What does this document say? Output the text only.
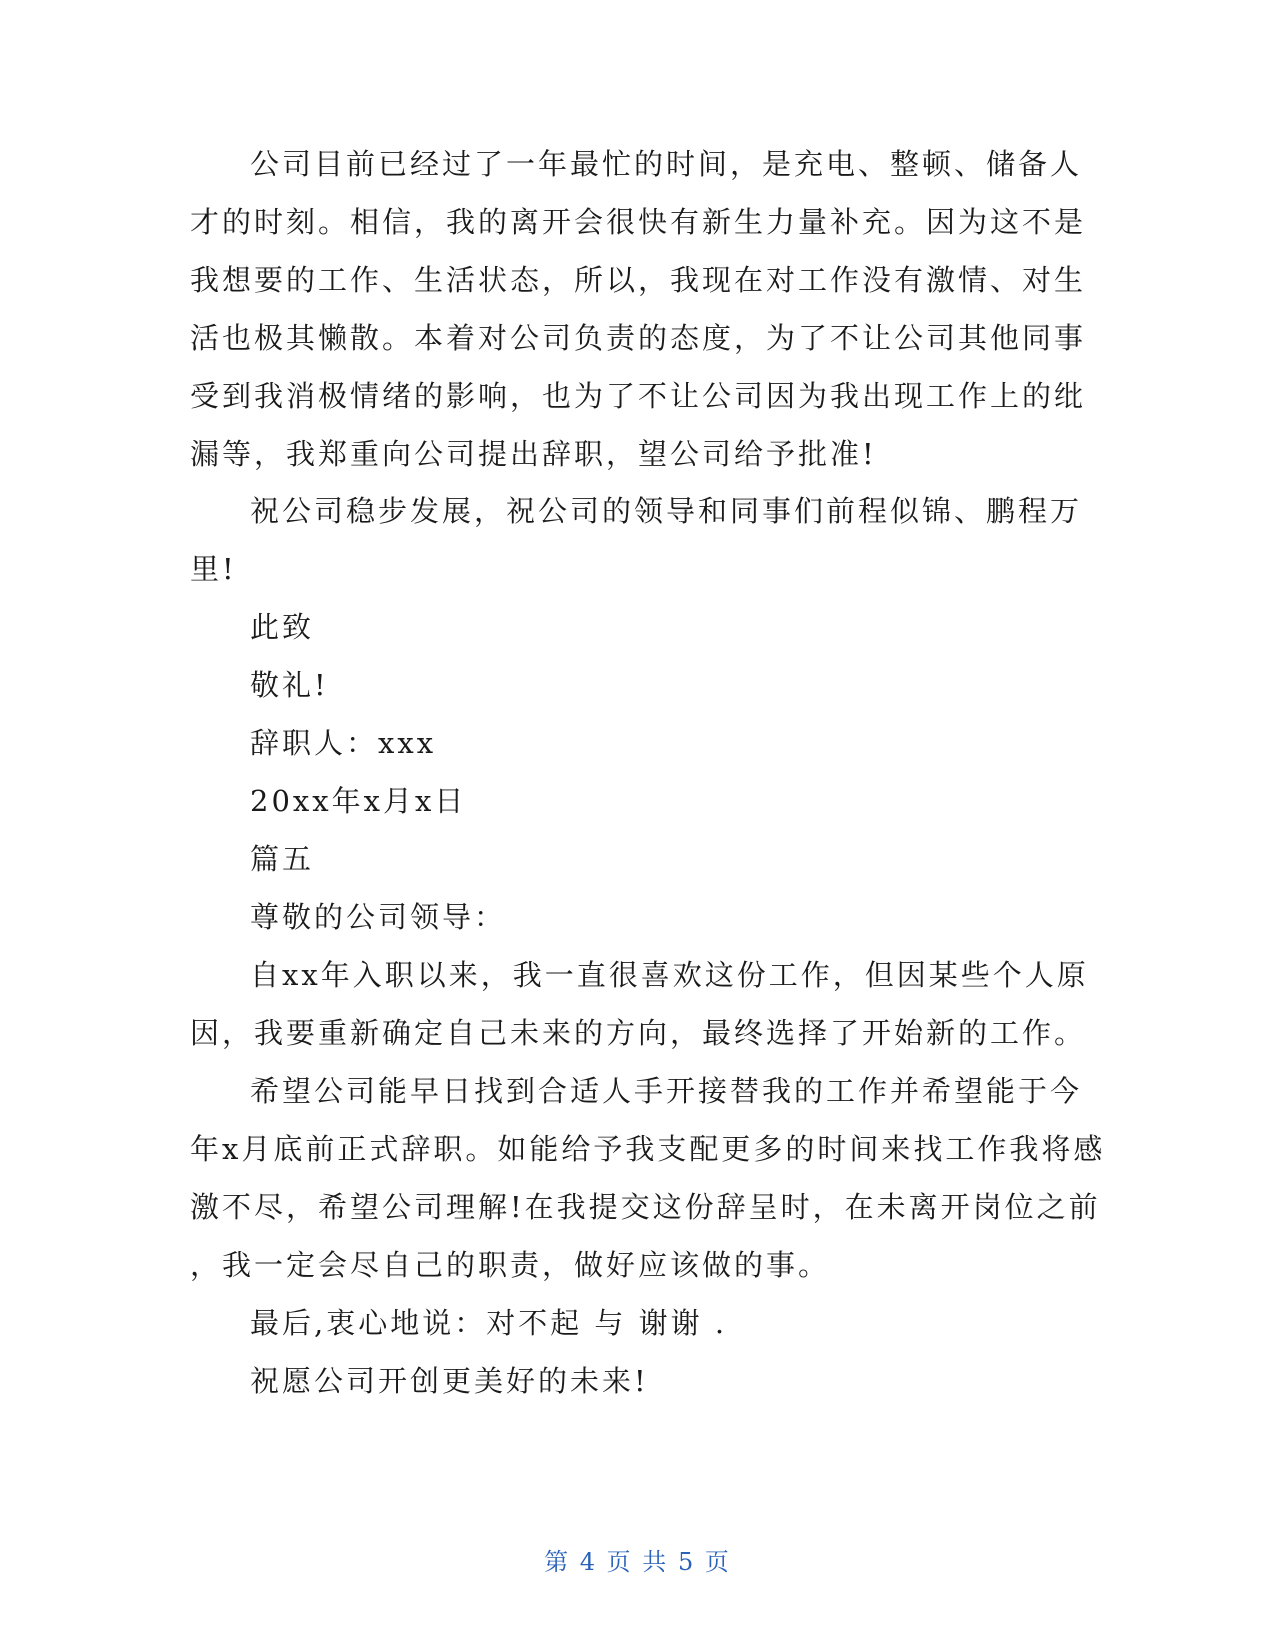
公司目前已经过了一年最忙的时间，是充电、整顿、储备人
才的时刻。相信，我的离开会很快有新生力量补充。因为这不是
我想要的工作、生活状态，所以，我现在对工作没有激情、对生
活也极其懒散。本着对公司负责的态度，为了不让公司其他同事
受到我消极情绪的影响，也为了不让公司因为我出现工作上的纰
漏等，我郑重向公司提出辞职，望公司给予批准!
祝公司稳步发展，祝公司的领导和同事们前程似锦、鹏程万
里!
此致
敬礼!
辞职人：xxx
20xx年x月x日
篇五
尊敬的公司领导：
自xx年入职以来，我一直很喜欢这份工作，但因某些个人原
因，我要重新确定自己未来的方向，最终选择了开始新的工作。
希望公司能早日找到合适人手开接替我的工作并希望能于今
年x月底前正式辞职。如能给予我支配更多的时间来找工作我将感
激不尽，希望公司理解!在我提交这份辞呈时，在未离开岗位之前
，我一定会尽自己的职责，做好应该做的事。
最后,衷心地说：对不起 与 谢谢 .
祝愿公司开创更美好的未来!
第 4 页 共 5 页
